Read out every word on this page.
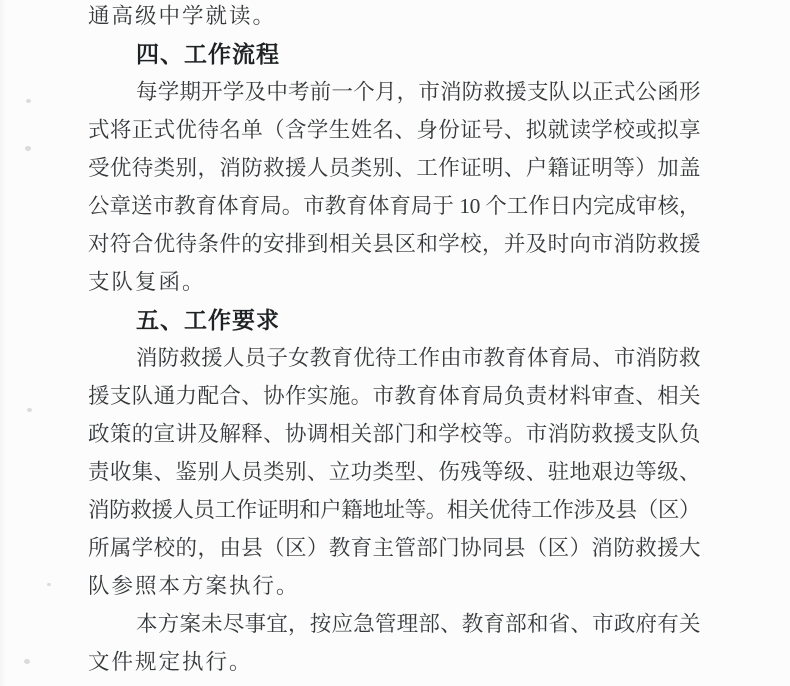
通高级中学就读。
四、工作流程
每学期开学及中考前一个月，市消防救援支队以正式公函形
式将正式优待名单（含学生姓名、身份证号、拟就读学校或拟享
受优待类别，消防救援人员类别、工作证明、户籍证明等）加盖
公章送市教育体育局。市教育体育局于 10 个工作日内完成审核，
对符合优待条件的安排到相关县区和学校，并及时向市消防救援
支队复函。
五、工作要求
消防救援人员子女教育优待工作由市教育体育局、市消防救
援支队通力配合、协作实施。市教育体育局负责材料审查、相关
政策的宣讲及解释、协调相关部门和学校等。市消防救援支队负
责收集、鉴别人员类别、立功类型、伤残等级、驻地艰边等级、
消防救援人员工作证明和户籍地址等。相关优待工作涉及县（区）
所属学校的，由县（区）教育主管部门协同县（区）消防救援大
队参照本方案执行。
本方案未尽事宜，按应急管理部、教育部和省、市政府有关
文件规定执行。
